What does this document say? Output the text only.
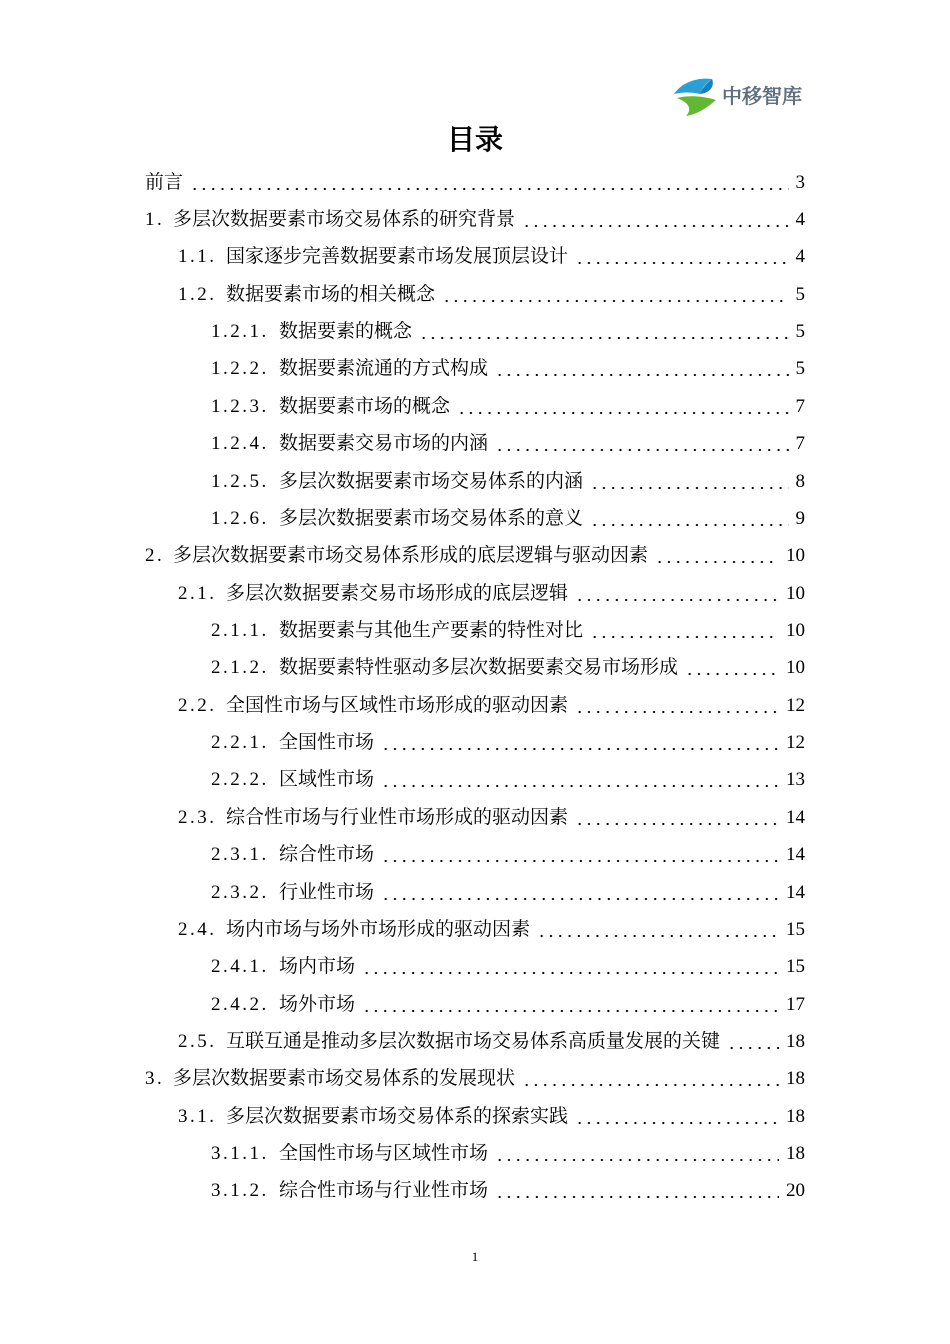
中移智库
目录
前言	3
1. 多层次数据要素市场交易体系的研究背景	4
1.1. 国家逐步完善数据要素市场发展顶层设计	4
1.2. 数据要素市场的相关概念	5
1.2.1. 数据要素的概念	5
1.2.2. 数据要素流通的方式构成	5
1.2.3. 数据要素市场的概念	7
1.2.4. 数据要素交易市场的内涵	7
1.2.5. 多层次数据要素市场交易体系的内涵	8
1.2.6. 多层次数据要素市场交易体系的意义	9
2. 多层次数据要素市场交易体系形成的底层逻辑与驱动因素	10
2.1. 多层次数据要素交易市场形成的底层逻辑	10
2.1.1. 数据要素与其他生产要素的特性对比	10
2.1.2. 数据要素特性驱动多层次数据要素交易市场形成	10
2.2. 全国性市场与区域性市场形成的驱动因素	12
2.2.1. 全国性市场	12
2.2.2. 区域性市场	13
2.3. 综合性市场与行业性市场形成的驱动因素	14
2.3.1. 综合性市场	14
2.3.2. 行业性市场	14
2.4. 场内市场与场外市场形成的驱动因素	15
2.4.1. 场内市场	15
2.4.2. 场外市场	17
2.5. 互联互通是推动多层次数据市场交易体系高质量发展的关键	18
3. 多层次数据要素市场交易体系的发展现状	18
3.1. 多层次数据要素市场交易体系的探索实践	18
3.1.1. 全国性市场与区域性市场	18
3.1.2. 综合性市场与行业性市场	20
1
